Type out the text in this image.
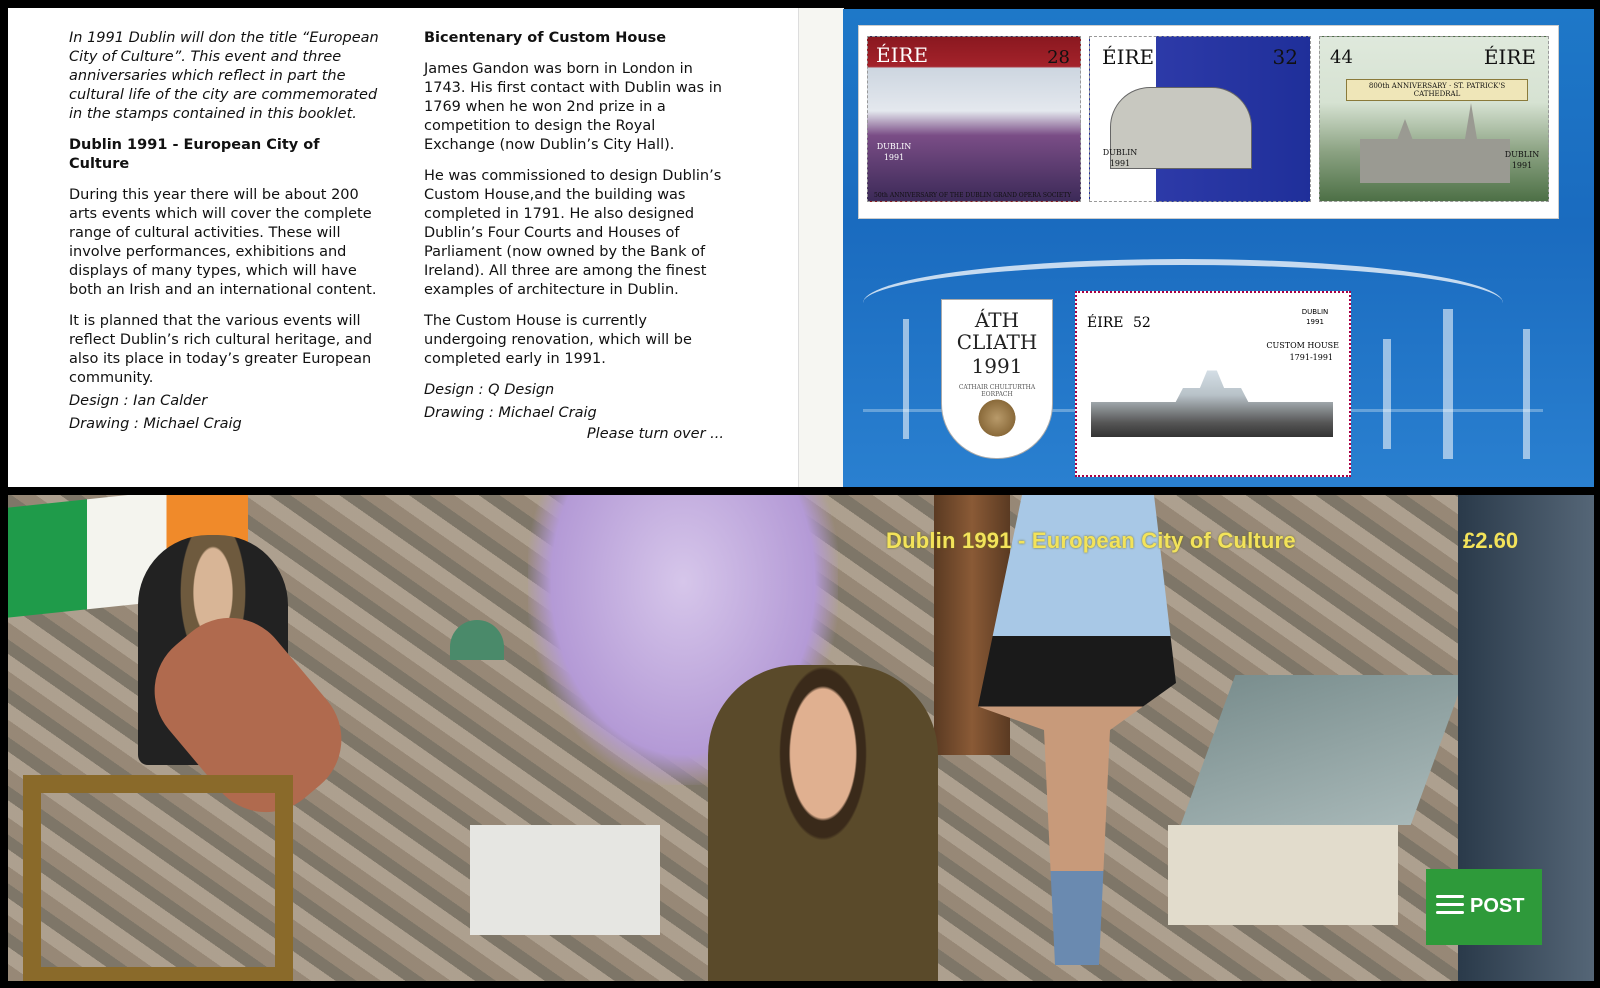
In 1991 Dublin will don the title “European City of Culture”. This event and three anniversaries which reflect in part the cultural life of the city are commemorated in the stamps contained in this booklet.

Dublin 1991 - European City of Culture

During this year there will be about 200 arts events which will cover the complete range of cultural activities. These will involve performances, exhibitions and displays of many types, which will have both an Irish and an international content.

It is planned that the various events will reflect Dublin’s rich cultural heritage, and also its place in today’s greater European community.

Design : Ian Calder
Drawing : Michael Craig

Bicentenary of Custom House

James Gandon was born in London in 1743. His first contact with Dublin was in 1769 when he won 2nd prize in a competition to design the Royal Exchange (now Dublin’s City Hall).

He was commissioned to design Dublin’s Custom House,and the building was completed in 1791. He also designed Dublin’s Four Courts and Houses of Parliament (now owned by the Bank of Ireland). All three are among the finest examples of architecture in Dublin.

The Custom House is currently undergoing renovation, which will be completed early in 1991.

Design : Q Design
Drawing : Michael Craig
Please turn over ...
ÉIRE	28
DUBLIN 1991
50th ANNIVERSARY OF THE DUBLIN GRAND OPERA SOCIETY
ÉIRE	32
DUBLIN 1991
44	ÉIRE
800th ANNIVERSARY · ST. PATRICK'S CATHEDRAL
DUBLIN 1991
ÁTH
CLIATH
1991
CATHAIR CHULTURTHA EORPACH
ÉIRE 52
DUBLIN 1991
CUSTOM HOUSE
1791-1991
Dublin 1991 - European City of Culture	£2.60
POST
